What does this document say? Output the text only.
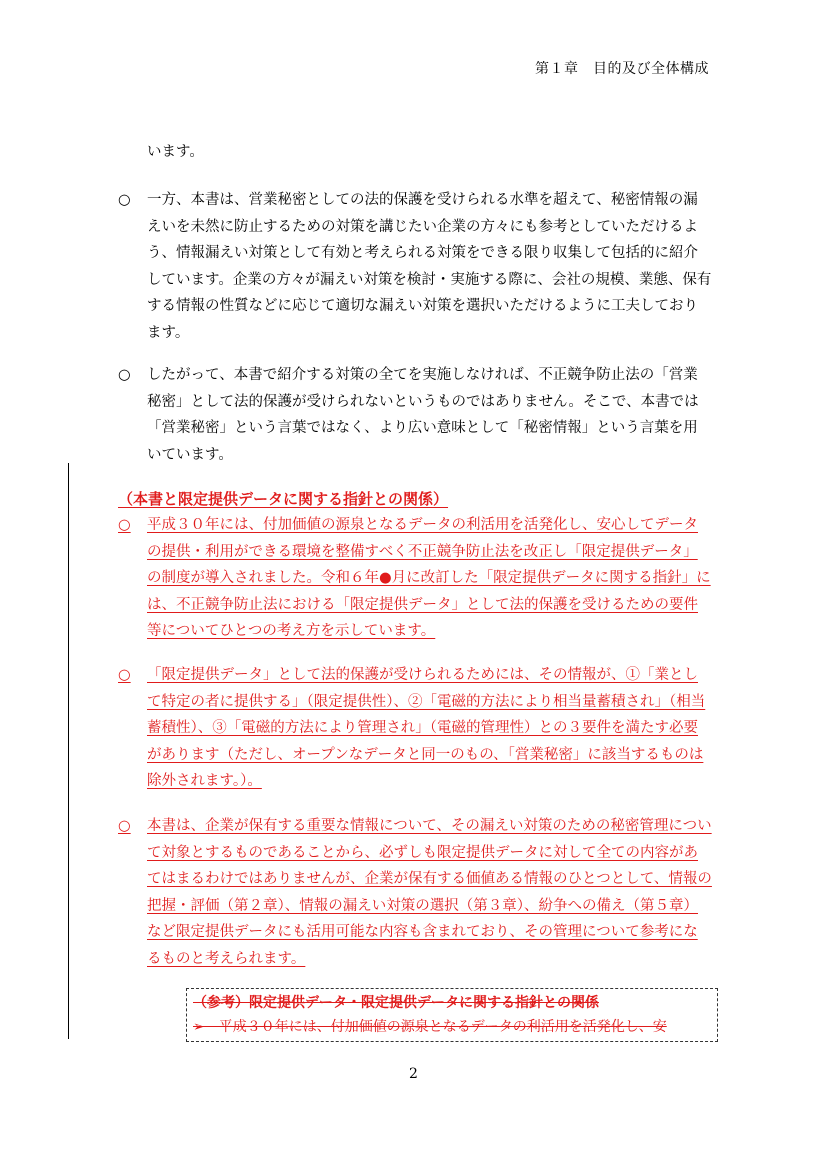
第１章　目的及び全体構成
います。
○	一方、本書は、営業秘密としての法的保護を受けられる水準を超えて、秘密情報の漏えいを未然に防止するための対策を講じたい企業の方々にも参考としていただけるよう、情報漏えい対策として有効と考えられる対策をできる限り収集して包括的に紹介しています。企業の方々が漏えい対策を検討・実施する際に、会社の規模、業態、保有する情報の性質などに応じて適切な漏えい対策を選択いただけるように工夫しております。
○	したがって、本書で紹介する対策の全てを実施しなければ、不正競争防止法の「営業秘密」として法的保護が受けられないというものではありません。そこで、本書では「営業秘密」という言葉ではなく、より広い意味として「秘密情報」という言葉を用いています。
（本書と限定提供データに関する指針との関係）
○	平成３０年には、付加価値の源泉となるデータの利活用を活発化し、安心してデータの提供・利用ができる環境を整備すべく不正競争防止法を改正し「限定提供データ」の制度が導入されました。令和６年●月に改訂した「限定提供データに関する指針」には、不正競争防止法における「限定提供データ」として法的保護を受けるための要件等についてひとつの考え方を示しています。
○	「限定提供データ」として法的保護が受けられるためには、その情報が、①「業として特定の者に提供する」（限定提供性）、②「電磁的方法により相当量蓄積され」（相当蓄積性）、③「電磁的方法により管理され」（電磁的管理性）との３要件を満たす必要があります（ただし、オープンなデータと同一のもの、「営業秘密」に該当するものは除外されます。）。
○	本書は、企業が保有する重要な情報について、その漏えい対策のための秘密管理について対象とするものであることから、必ずしも限定提供データに対して全ての内容があてはまるわけではありませんが、企業が保有する価値ある情報のひとつとして、情報の把握・評価（第２章）、情報の漏えい対策の選択（第３章）、紛争への備え（第５章）など限定提供データにも活用可能な内容も含まれており、その管理について参考になるものと考えられます。
（参考）限定提供データ・限定提供データに関する指針との関係
➢　平成３０年には、付加価値の源泉となるデータの利活用を活発化し、安
2
